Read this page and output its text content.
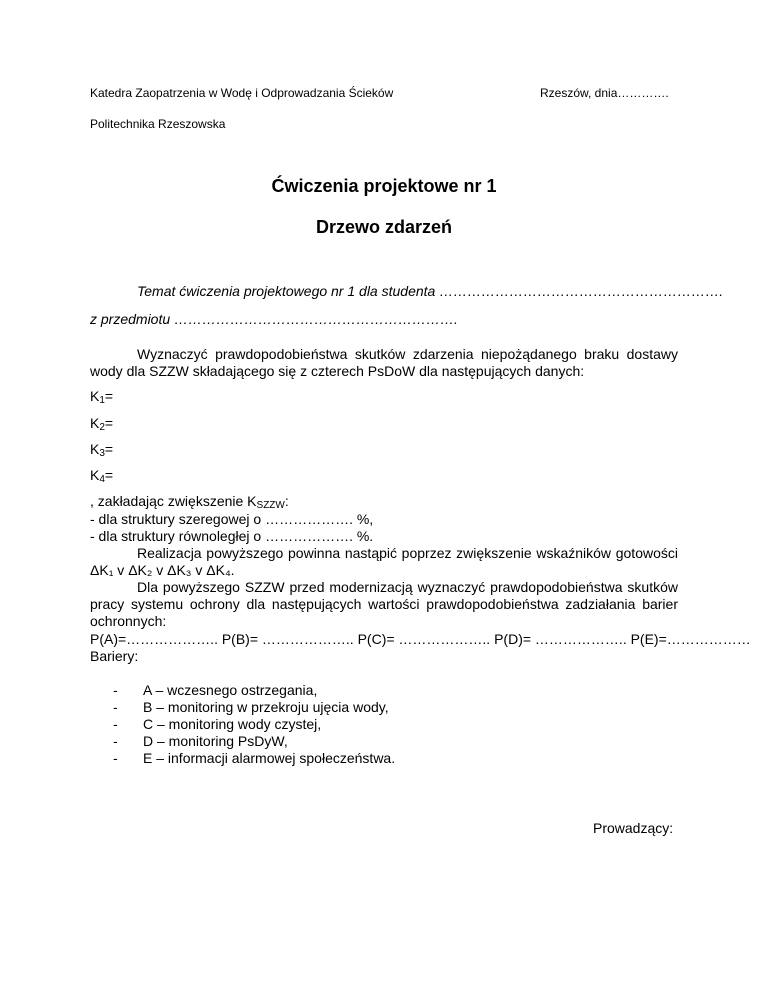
Katedra Zaopatrzenia w Wodę i Odprowadzania Ścieków	Rzeszów, dnia………….
Politechnika Rzeszowska
Ćwiczenia projektowe nr 1
Drzewo zdarzeń
Temat ćwiczenia projektowego nr 1 dla studenta …………………………………………………….
z przedmiotu …………………………………………………….
Wyznaczyć prawdopodobieństwa skutków zdarzenia niepożądanego braku dostawy wody dla SZZW składającego się z czterech PsDoW dla następujących danych:
$K_1=$
$K_2=$
$K_3=$
$K_4=$
, zakładając zwiększenie $K_{SZZW}$:
- dla struktury szeregowej o ………………. %,
- dla struktury równoległej o ………………. %.
Realizacja powyższego powinna nastąpić poprzez zwiększenie wskaźników gotowości
ΔK₁ v ΔK₂ v ΔK₃ v ΔK₄.
Dla powyższego SZZW przed modernizacją wyznaczyć prawdopodobieństwa skutków pracy systemu ochrony dla następujących wartości prawdopodobieństwa zadziałania barier ochronnych:
P(A)=……………….. P(B)= ……………….. P(C)= ……………….. P(D)= ……………….. P(E)=………………
Bariery:
- A – wczesnego ostrzegania,
- B – monitoring w przekroju ujęcia wody,
- C – monitoring wody czystej,
- D – monitoring PsDyW,
- E – informacji alarmowej społeczeństwa.
Prowadzący:
